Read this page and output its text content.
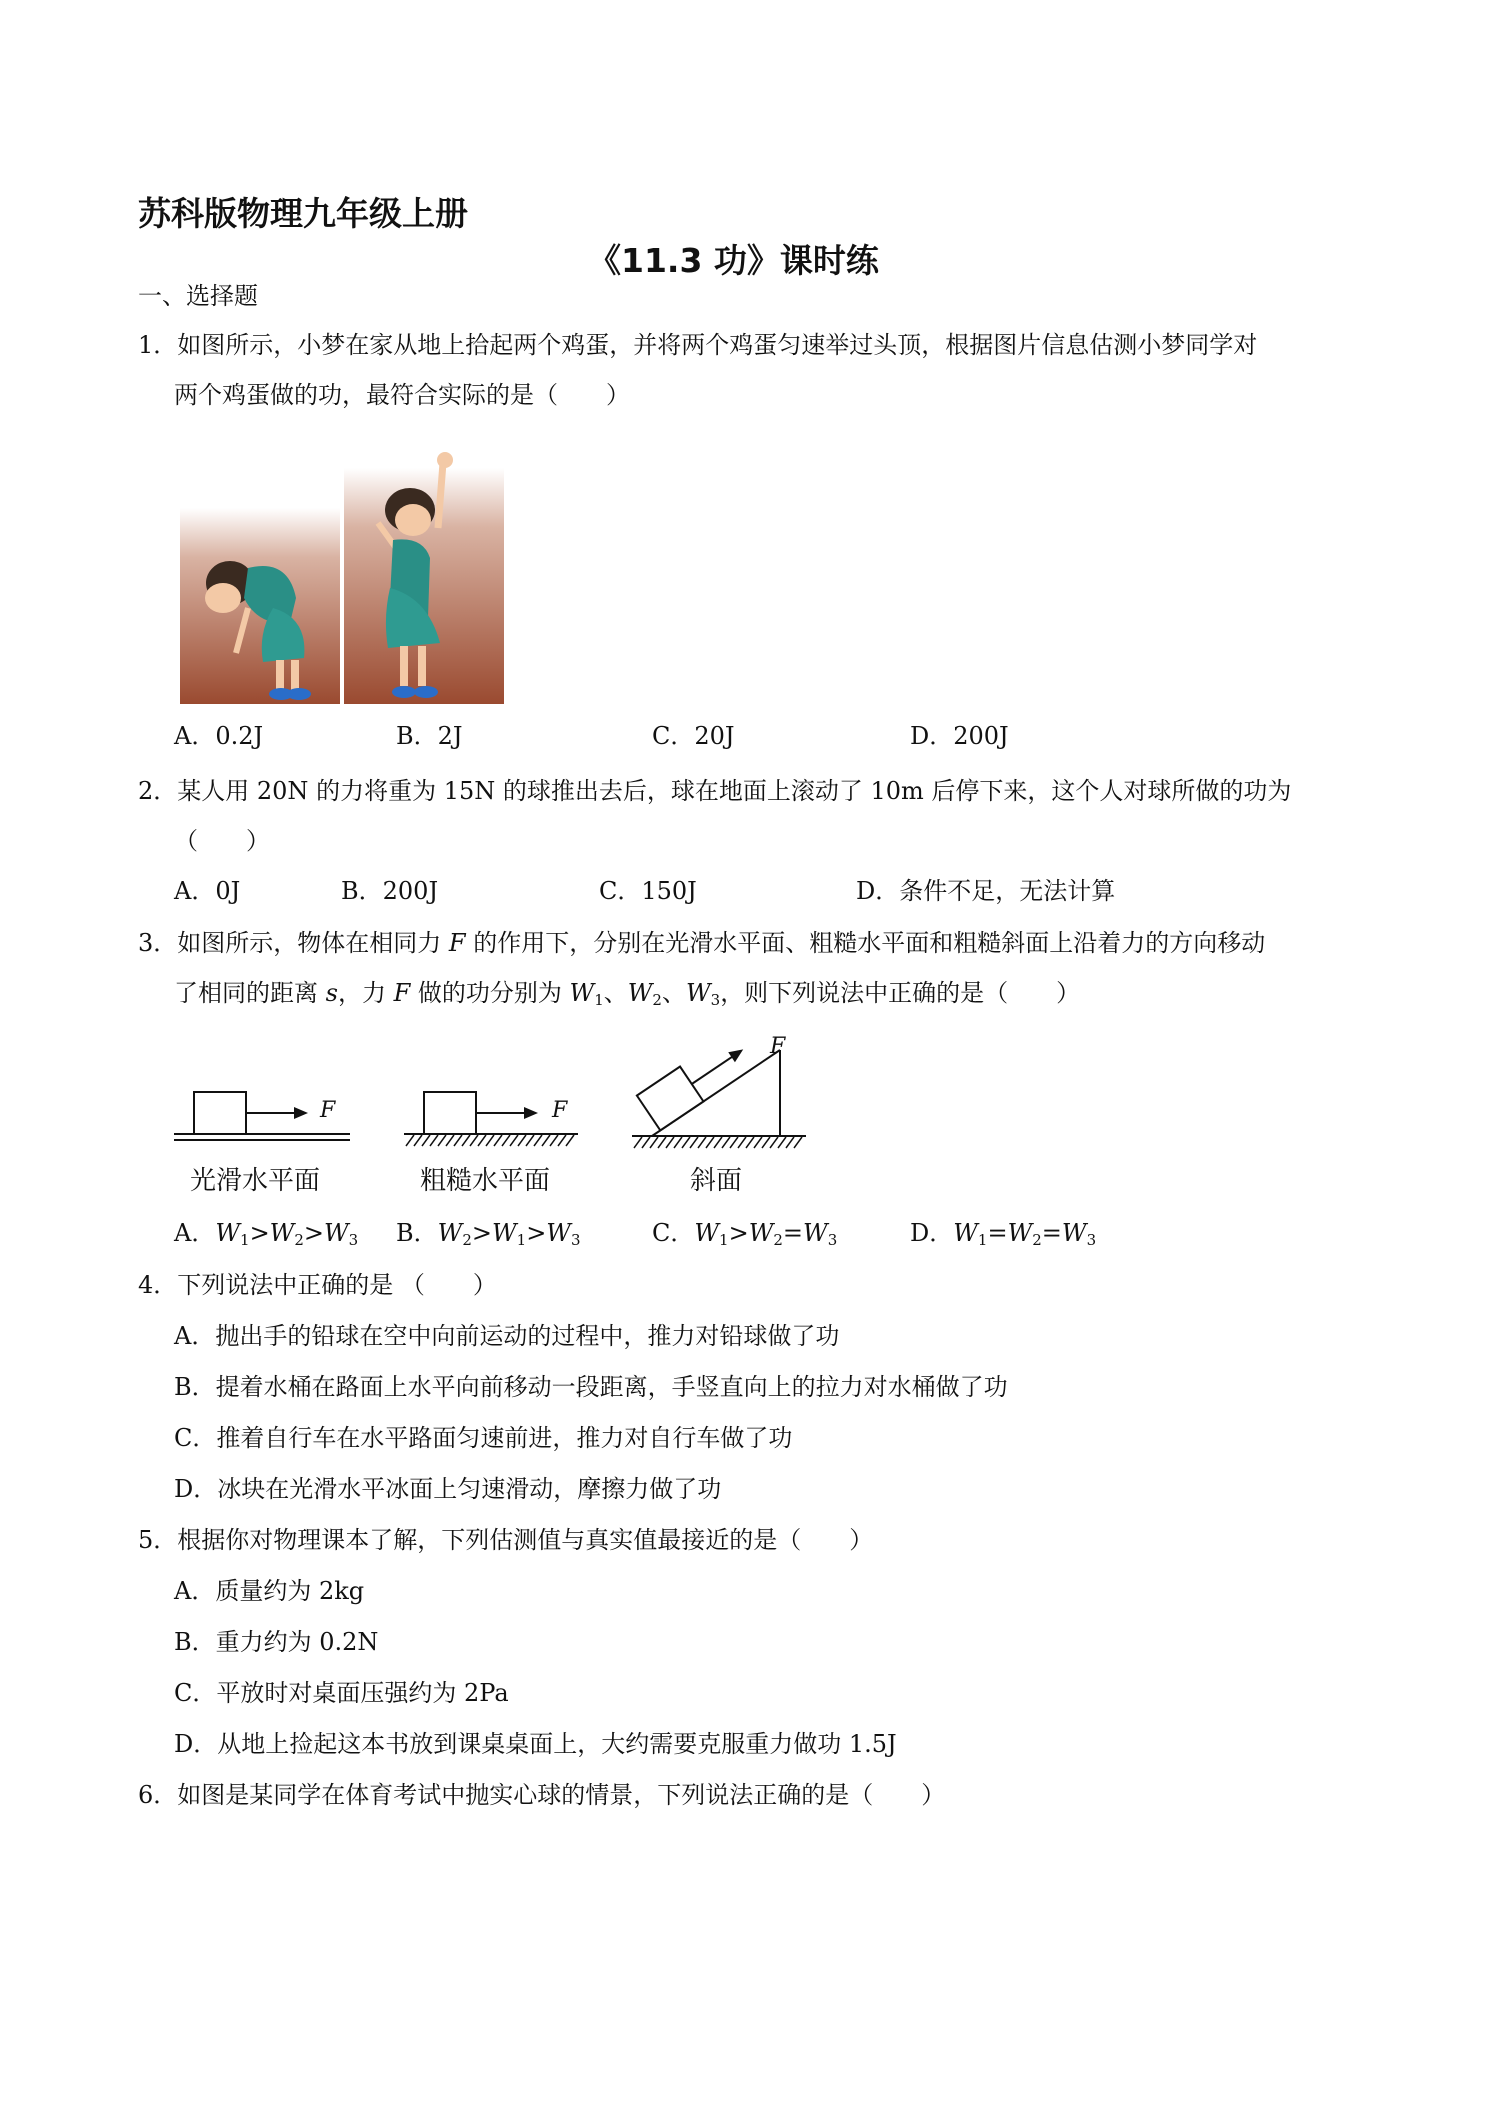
苏科版物理九年级上册
《11.3 功》课时练
一、选择题
1．如图所示，小梦在家从地上拾起两个鸡蛋，并将两个鸡蛋匀速举过头顶，根据图片信息估测小梦同学对
两个鸡蛋做的功，最符合实际的是（　　）
A．0.2J	B．2J	C．20J	D．200J
2．某人用 20N 的力将重为 15N 的球推出去后，球在地面上滚动了 10m 后停下来，这个人对球所做的功为
（　　）
A．0J	B．200J	C．150J	D．条件不足，无法计算
3．如图所示，物体在相同力 F 的作用下，分别在光滑水平面、粗糙水平面和粗糙斜面上沿着力的方向移动
了相同的距离 s，力 F 做的功分别为 $W_1$、$W_2$、$W_3$，则下列说法中正确的是（　　）
F
光滑水平面
F
粗糙水平面
F
斜面
A．$W_1>W_2>W_3$ B．$W_2>W_1>W_3$	C．$W_1>W_2=W_3$	D．$W_1=W_2=W_3$
4．下列说法中正确的是 （　　）
A．抛出手的铅球在空中向前运动的过程中，推力对铅球做了功
B．提着水桶在路面上水平向前移动一段距离，手竖直向上的拉力对水桶做了功
C．推着自行车在水平路面匀速前进，推力对自行车做了功
D．冰块在光滑水平冰面上匀速滑动，摩擦力做了功
5．根据你对物理课本了解，下列估测值与真实值最接近的是（　　）
A．质量约为 2kg
B．重力约为 0.2N
C．平放时对桌面压强约为 2Pa
D．从地上捡起这本书放到课桌桌面上，大约需要克服重力做功 1.5J
6．如图是某同学在体育考试中抛实心球的情景，下列说法正确的是（　　）
